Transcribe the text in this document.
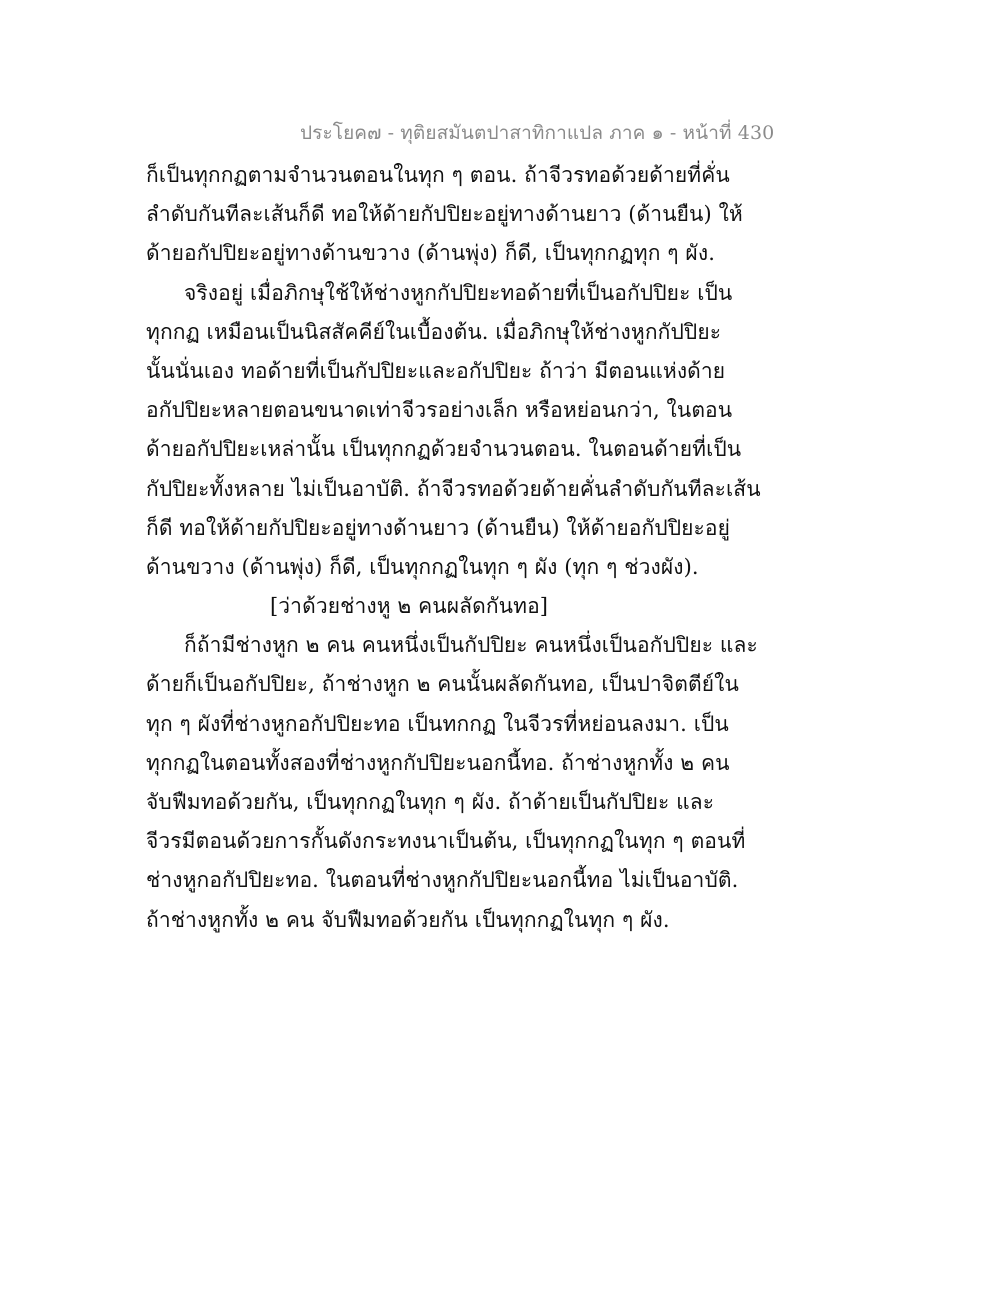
ประโยค๗ - ทุติยสมันตปาสาทิกาแปล ภาค ๑ - หน้าที่ 430
ก็เป็นทุกกฏตามจำนวนตอนในทุก ๆ ตอน. ถ้าจีวรทอด้วยด้ายที่คั่น
ลำดับกันทีละเส้นก็ดี ทอให้ด้ายกัปปิยะอยู่ทางด้านยาว (ด้านยืน) ให้
ด้ายอกัปปิยะอยู่ทางด้านขวาง (ด้านพุ่ง) ก็ดี, เป็นทุกกฏทุก ๆ ผัง.
จริงอยู่ เมื่อภิกษุใช้ให้ช่างหูกกัปปิยะทอด้ายที่เป็นอกัปปิยะ เป็น
ทุกกฏ เหมือนเป็นนิสสัคคีย์ในเบื้องต้น. เมื่อภิกษุให้ช่างหูกกัปปิยะ
นั้นนั่นเอง ทอด้ายที่เป็นกัปปิยะและอกัปปิยะ ถ้าว่า มีตอนแห่งด้าย
อกัปปิยะหลายตอนขนาดเท่าจีวรอย่างเล็ก หรือหย่อนกว่า, ในตอน
ด้ายอกัปปิยะเหล่านั้น เป็นทุกกฏด้วยจำนวนตอน. ในตอนด้ายที่เป็น
กัปปิยะทั้งหลาย ไม่เป็นอาบัติ. ถ้าจีวรทอด้วยด้ายคั่นลำดับกันทีละเส้น
ก็ดี ทอให้ด้ายกัปปิยะอยู่ทางด้านยาว (ด้านยืน) ให้ด้ายอกัปปิยะอยู่
ด้านขวาง (ด้านพุ่ง) ก็ดี, เป็นทุกกฏในทุก ๆ ผัง (ทุก ๆ ช่วงผัง).
[ว่าด้วยช่างหู ๒ คนผลัดกันทอ]
ก็ถ้ามีช่างหูก ๒ คน คนหนึ่งเป็นกัปปิยะ คนหนึ่งเป็นอกัปปิยะ และ
ด้ายก็เป็นอกัปปิยะ, ถ้าช่างหูก ๒ คนนั้นผลัดกันทอ, เป็นปาจิตตีย์ใน
ทุก ๆ ผังที่ช่างหูกอกัปปิยะทอ เป็นทกกฏ ในจีวรที่หย่อนลงมา. เป็น
ทุกกฏในตอนทั้งสองที่ช่างหูกกัปปิยะนอกนี้ทอ. ถ้าช่างหูกทั้ง ๒ คน
จับฟืมทอด้วยกัน, เป็นทุกกฏในทุก ๆ ผัง. ถ้าด้ายเป็นกัปปิยะ และ
จีวรมีตอนด้วยการกั้นดังกระทงนาเป็นต้น, เป็นทุกกฏในทุก ๆ ตอนที่
ช่างหูกอกัปปิยะทอ. ในตอนที่ช่างหูกกัปปิยะนอกนี้ทอ ไม่เป็นอาบัติ.
ถ้าช่างหูกทั้ง ๒ คน จับฟืมทอด้วยกัน เป็นทุกกฏในทุก ๆ ผัง.
